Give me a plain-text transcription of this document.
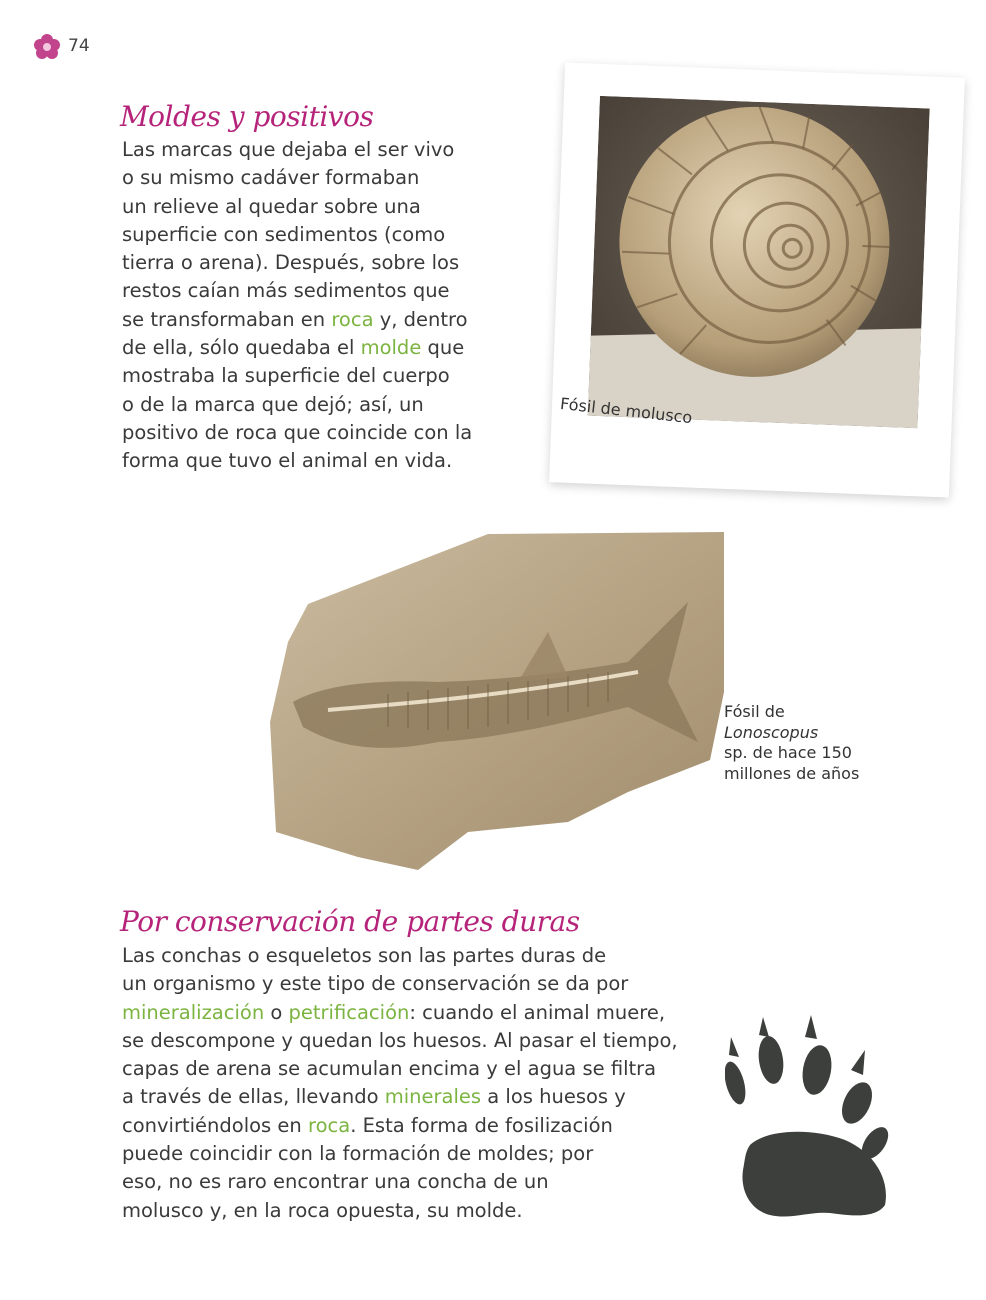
74
Moldes y positivos
Las marcas que dejaba el ser vivo
o su mismo cadáver formaban
un relieve al quedar sobre una
superficie con sedimentos (como
tierra o arena). Después, sobre los
restos caían más sedimentos que
se transformaban en roca y, dentro
de ella, sólo quedaba el molde que
mostraba la superficie del cuerpo
o de la marca que dejó; así, un
positivo de roca que coincide con la
forma que tuvo el animal en vida.
Fósil de molusco
Fósil de
Lonoscopus
sp. de hace 150
millones de años
Por conservación de partes duras
Las conchas o esqueletos son las partes duras de
un organismo y este tipo de conservación se da por
mineralización o petrificación: cuando el animal muere,
se descompone y quedan los huesos. Al pasar el tiempo,
capas de arena se acumulan encima y el agua se filtra
a través de ellas, llevando minerales a los huesos y
convirtiéndolos en roca. Esta forma de fosilización
puede coincidir con la formación de moldes; por
eso, no es raro encontrar una concha de un
molusco y, en la roca opuesta, su molde.
